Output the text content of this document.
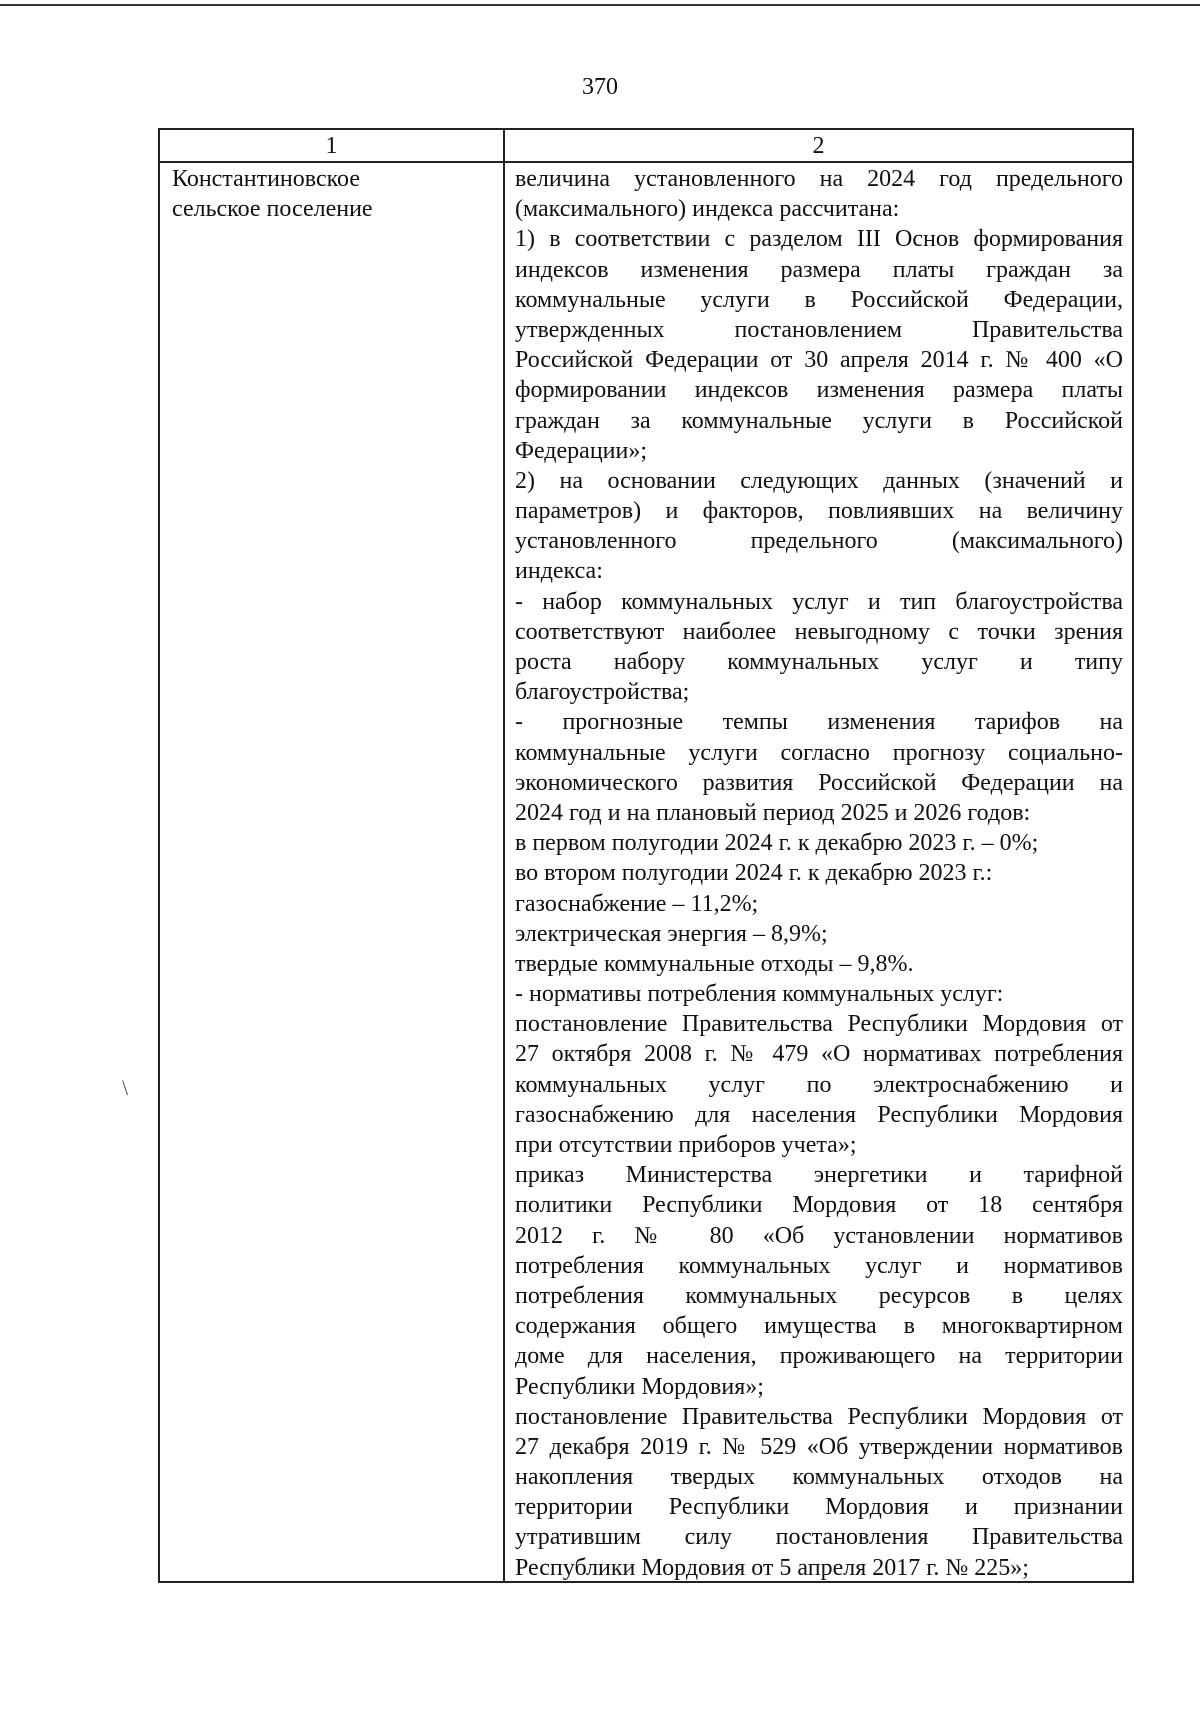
370
1	2
Константиновское
сельское поселение
величина установленного на 2024 год предельного
(максимального) индекса рассчитана:
1) в соответствии с разделом III Основ формирования
индексов изменения размера платы граждан за
коммунальные услуги в Российской Федерации,
утвержденных постановлением Правительства
Российской Федерации от 30 апреля 2014 г. № 400 «О
формировании индексов изменения размера платы
граждан за коммунальные услуги в Российской
Федерации»;
2) на основании следующих данных (значений и
параметров) и факторов, повлиявших на величину
установленного предельного (максимального)
индекса:
- набор коммунальных услуг и тип благоустройства
соответствуют наиболее невыгодному с точки зрения
роста набору коммунальных услуг и типу
благоустройства;
- прогнозные темпы изменения тарифов на
коммунальные услуги согласно прогнозу социально-
экономического развития Российской Федерации на
2024 год и на плановый период 2025 и 2026 годов:
в первом полугодии 2024 г. к декабрю 2023 г. – 0%;
во втором полугодии 2024 г. к декабрю 2023 г.:
газоснабжение – 11,2%;
электрическая энергия – 8,9%;
твердые коммунальные отходы – 9,8%.
- нормативы потребления коммунальных услуг:
постановление Правительства Республики Мордовия от
27 октября 2008 г. № 479 «О нормативах потребления
коммунальных услуг по электроснабжению и
газоснабжению для населения Республики Мордовия
при отсутствии приборов учета»;
приказ Министерства энергетики и тарифной
политики Республики Мордовия от 18 сентября
2012 г. № 80 «Об установлении нормативов
потребления коммунальных услуг и нормативов
потребления коммунальных ресурсов в целях
содержания общего имущества в многоквартирном
доме для населения, проживающего на территории
Республики Мордовия»;
постановление Правительства Республики Мордовия от
27 декабря 2019 г. № 529 «Об утверждении нормативов
накопления твердых коммунальных отходов на
территории Республики Мордовия и признании
утратившим силу постановления Правительства
Республики Мордовия от 5 апреля 2017 г. № 225»;
\
